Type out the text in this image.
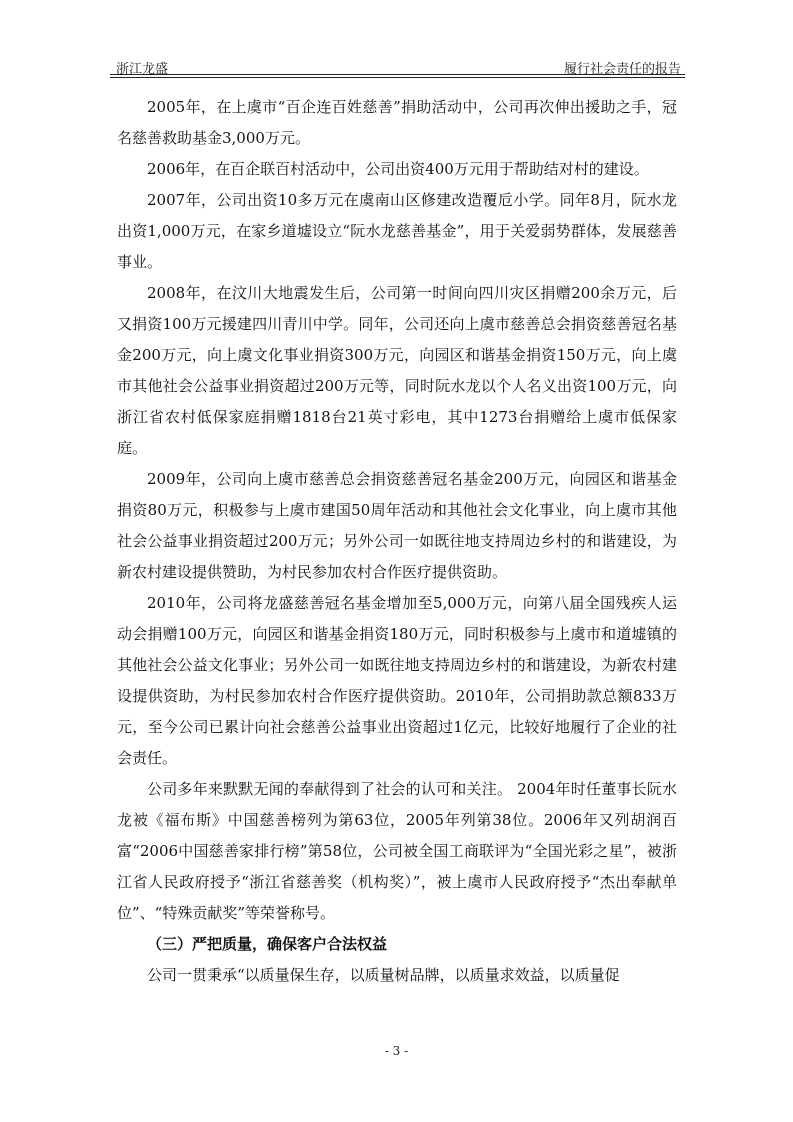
浙江龙盛	履行社会责任的报告

2005年，在上虞市“百企连百姓慈善”捐助活动中，公司再次伸出援助之手，冠名慈善救助基金3,000万元。

2006年，在百企联百村活动中，公司出资400万元用于帮助结对村的建设。

2007年，公司出资10多万元在虞南山区修建改造覆卮小学。同年8月，阮水龙出资1,000万元，在家乡道墟设立“阮水龙慈善基金”，用于关爱弱势群体，发展慈善事业。

2008年，在汶川大地震发生后，公司第一时间向四川灾区捐赠200余万元，后又捐资100万元援建四川青川中学。同年，公司还向上虞市慈善总会捐资慈善冠名基金200万元，向上虞文化事业捐资300万元，向园区和谐基金捐资150万元，向上虞市其他社会公益事业捐资超过200万元等，同时阮水龙以个人名义出资100万元，向浙江省农村低保家庭捐赠1818台21英寸彩电，其中1273台捐赠给上虞市低保家庭。

2009年，公司向上虞市慈善总会捐资慈善冠名基金200万元，向园区和谐基金捐资80万元，积极参与上虞市建国50周年活动和其他社会文化事业，向上虞市其他社会公益事业捐资超过200万元；另外公司一如既往地支持周边乡村的和谐建设，为新农村建设提供赞助，为村民参加农村合作医疗提供资助。

2010年，公司将龙盛慈善冠名基金增加至5,000万元，向第八届全国残疾人运动会捐赠100万元，向园区和谐基金捐资180万元，同时积极参与上虞市和道墟镇的其他社会公益文化事业；另外公司一如既往地支持周边乡村的和谐建设，为新农村建设提供资助，为村民参加农村合作医疗提供资助。2010年，公司捐助款总额833万元，至今公司已累计向社会慈善公益事业出资超过1亿元，比较好地履行了企业的社会责任。

公司多年来默默无闻的奉献得到了社会的认可和关注。 2004年时任董事长阮水龙被《福布斯》中国慈善榜列为第63位，2005年列第38位。2006年又列胡润百富“2006中国慈善家排行榜”第58位，公司被全国工商联评为“全国光彩之星”，被浙江省人民政府授予“浙江省慈善奖（机构奖）”，被上虞市人民政府授予“杰出奉献单位”、“特殊贡献奖”等荣誉称号。

（三）严把质量，确保客户合法权益

公司一贯秉承“以质量保生存，以质量树品牌，以质量求效益，以质量促

- 3 -
